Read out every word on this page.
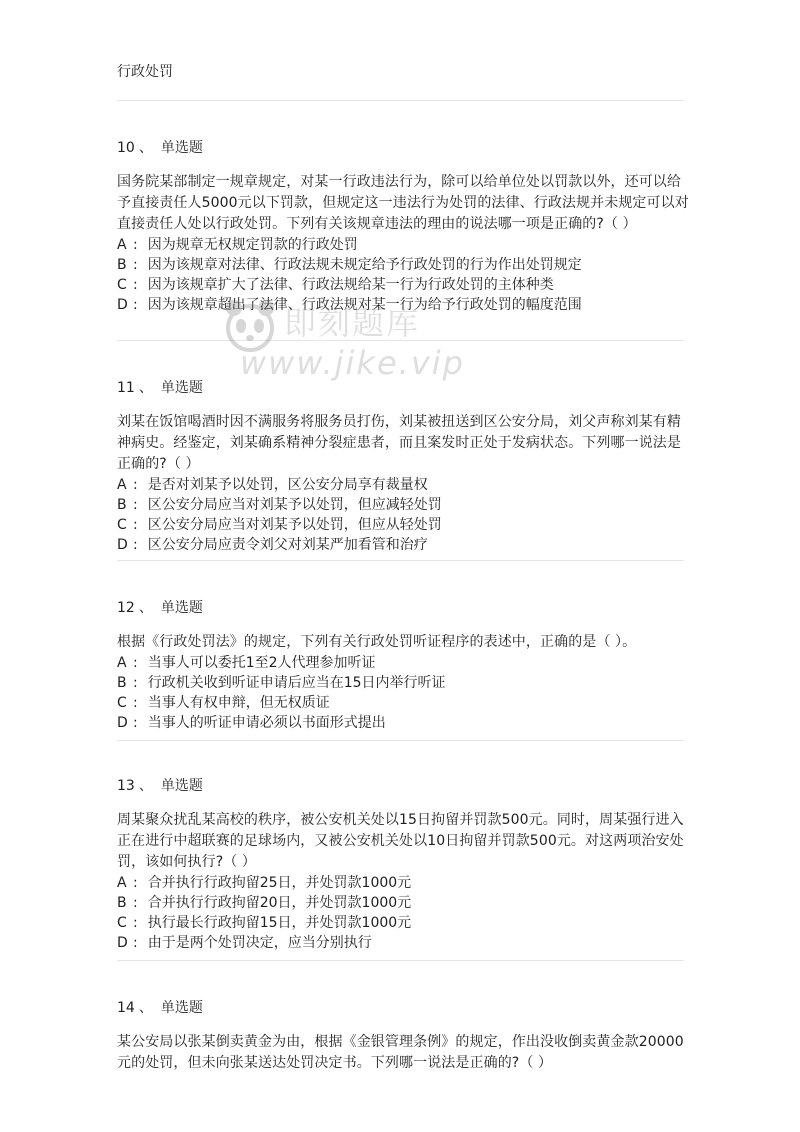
行政处罚
10 、 单选题

国务院某部制定一规章规定，对某一行政违法行为，除可以给单位处以罚款以外，还可以给予直接责任人5000元以下罚款，但规定这一违法行为处罚的法律、行政法规并未规定可以对直接责任人处以行政处罚。下列有关该规章违法的理由的说法哪一项是正确的?（ ）

A : 因为规章无权规定罚款的行政处罚
B : 因为该规章对法律、行政法规未规定给予行政处罚的行为作出处罚规定
C : 因为该规章扩大了法律、行政法规给某一行为行政处罚的主体种类
D : 因为该规章超出了法律、行政法规对某一行为给予行政处罚的幅度范围
11 、 单选题

刘某在饭馆喝酒时因不满服务将服务员打伤，刘某被扭送到区公安分局，刘父声称刘某有精神病史。经鉴定，刘某确系精神分裂症患者，而且案发时正处于发病状态。下列哪一说法是正确的?（ ）

A : 是否对刘某予以处罚，区公安分局享有裁量权
B : 区公安分局应当对刘某予以处罚，但应减轻处罚
C : 区公安分局应当对刘某予以处罚，但应从轻处罚
D : 区公安分局应责令刘父对刘某严加看管和治疗
12 、 单选题

根据《行政处罚法》的规定，下列有关行政处罚听证程序的表述中，正确的是（ ）。

A : 当事人可以委托1至2人代理参加听证
B : 行政机关收到听证申请后应当在15日内举行听证
C : 当事人有权申辩，但无权质证
D : 当事人的听证申请必须以书面形式提出
13 、 单选题

周某聚众扰乱某高校的秩序，被公安机关处以15日拘留并罚款500元。同时，周某强行进入正在进行中超联赛的足球场内，又被公安机关处以10日拘留并罚款500元。对这两项治安处罚，该如何执行?（ ）

A : 合并执行行政拘留25日，并处罚款1000元
B : 合并执行行政拘留20日，并处罚款1000元
C : 执行最长行政拘留15日，并处罚款1000元
D : 由于是两个处罚决定，应当分别执行
14 、 单选题

某公安局以张某倒卖黄金为由，根据《金银管理条例》的规定，作出没收倒卖黄金款20000元的处罚，但未向张某送达处罚决定书。下列哪一说法是正确的?（ ）

即刻题库
www.jike.vip
